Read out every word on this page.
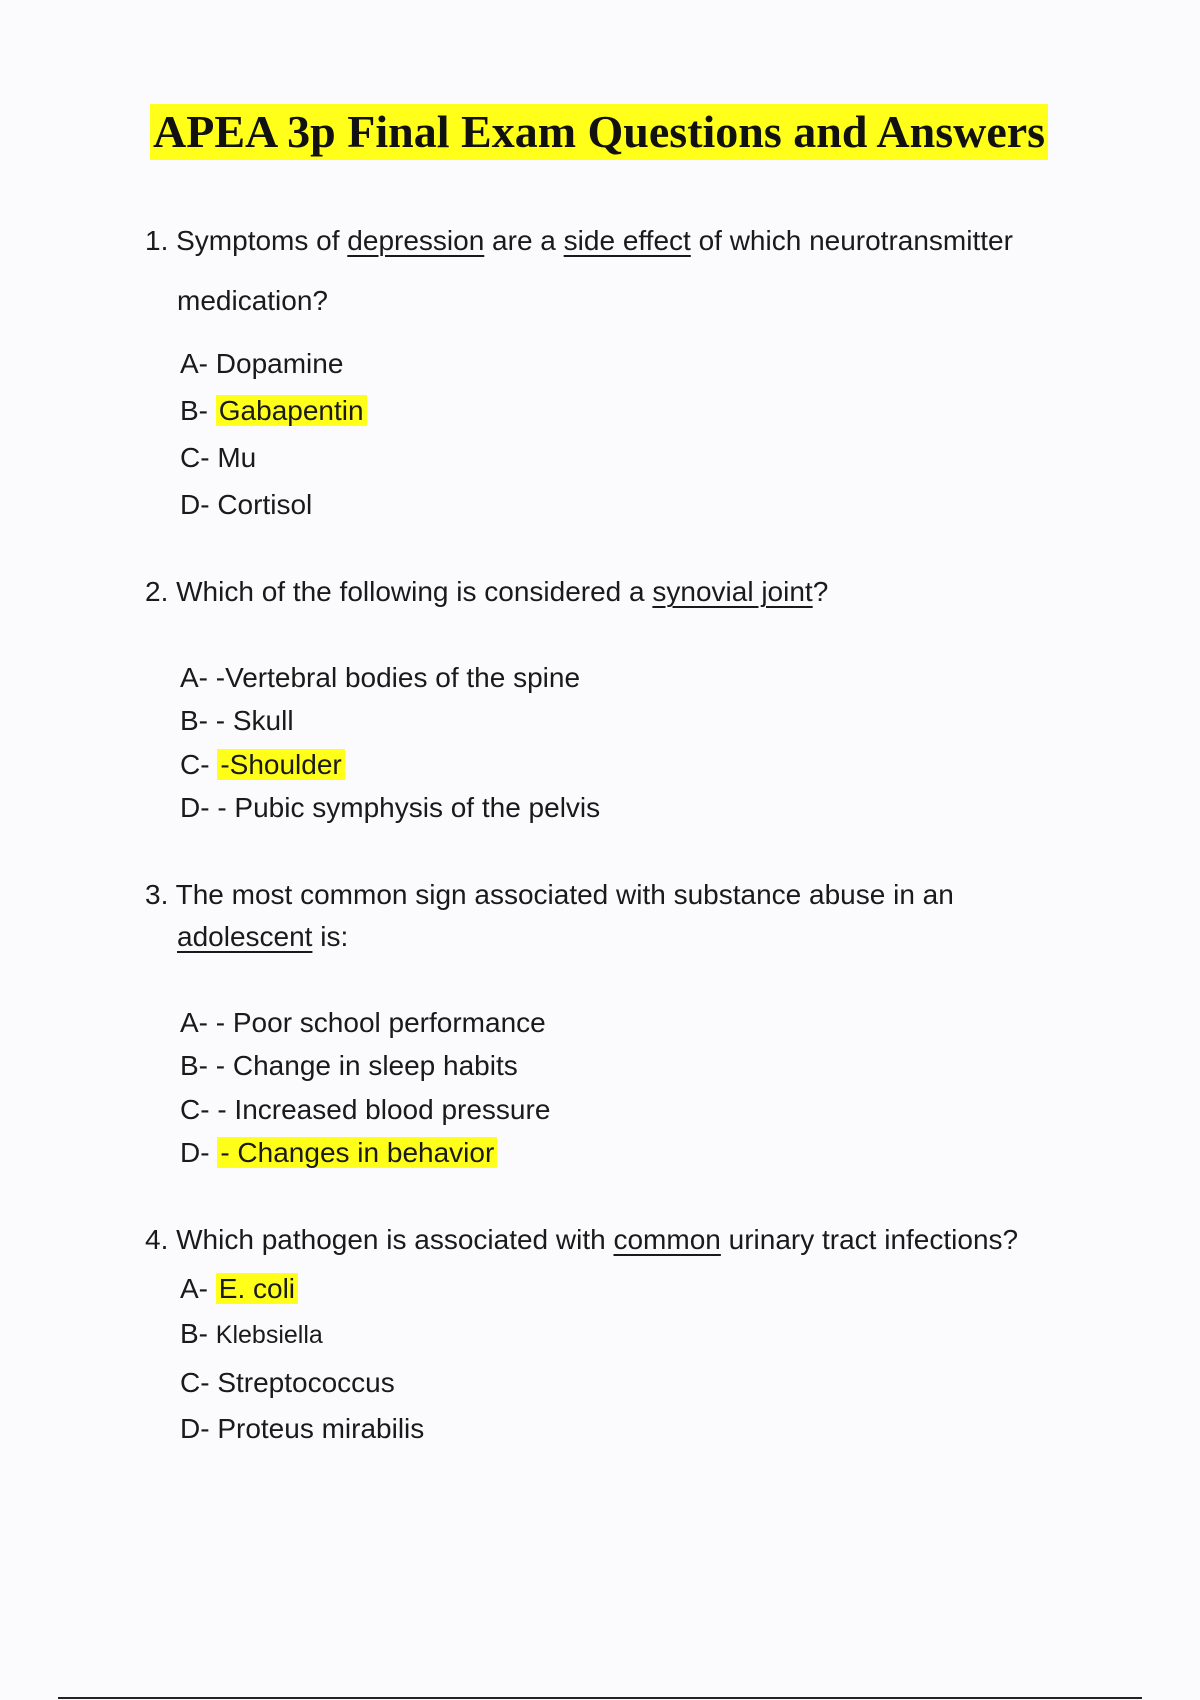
APEA 3p Final Exam Questions and Answers
1. Symptoms of depression are a side effect of which neurotransmitter
medication?
A- Dopamine
B- Gabapentin
C- Mu
D- Cortisol
2. Which of the following is considered a synovial joint?
A- -Vertebral bodies of the spine
B- - Skull
C- -Shoulder
D- - Pubic symphysis of the pelvis
3. The most common sign associated with substance abuse in an
adolescent is:
A- - Poor school performance
B- - Change in sleep habits
C- - Increased blood pressure
D- - Changes in behavior
4. Which pathogen is associated with common urinary tract infections?
A- E. coli
B- Klebsiella
C- Streptococcus
D- Proteus mirabilis
